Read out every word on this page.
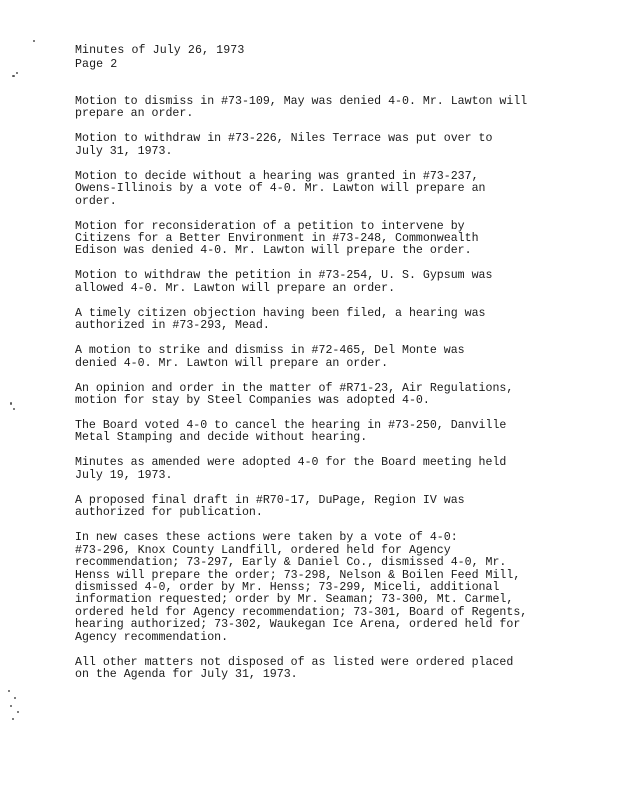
Minutes of July 26, 1973
Page 2

Motion to dismiss in #73-109, May was denied 4-0. Mr. Lawton will
prepare an order.

Motion to withdraw in #73-226, Niles Terrace was put over to
July 31, 1973.

Motion to decide without a hearing was granted in #73-237,
Owens-Illinois by a vote of 4-0. Mr. Lawton will prepare an
order.

Motion for reconsideration of a petition to intervene by
Citizens for a Better Environment in #73-248, Commonwealth
Edison was denied 4-0. Mr. Lawton will prepare the order.

Motion to withdraw the petition in #73-254, U. S. Gypsum was
allowed 4-0. Mr. Lawton will prepare an order.

A timely citizen objection having been filed, a hearing was
authorized in #73-293, Mead.

A motion to strike and dismiss in #72-465, Del Monte was
denied 4-0. Mr. Lawton will prepare an order.

An opinion and order in the matter of #R71-23, Air Regulations,
motion for stay by Steel Companies was adopted 4-0.

The Board voted 4-0 to cancel the hearing in #73-250, Danville
Metal Stamping and decide without hearing.

Minutes as amended were adopted 4-0 for the Board meeting held
July 19, 1973.

A proposed final draft in #R70-17, DuPage, Region IV was
authorized for publication.

In new cases these actions were taken by a vote of 4-0:
#73-296, Knox County Landfill, ordered held for Agency
recommendation; 73-297, Early & Daniel Co., dismissed 4-0, Mr.
Henss will prepare the order; 73-298, Nelson & Boilen Feed Mill,
dismissed 4-0, order by Mr. Henss; 73-299, Miceli, additional
information requested; order by Mr. Seaman; 73-300, Mt. Carmel,
ordered held for Agency recommendation; 73-301, Board of Regents,
hearing authorized; 73-302, Waukegan Ice Arena, ordered held for
Agency recommendation.

All other matters not disposed of as listed were ordered placed
on the Agenda for July 31, 1973.
